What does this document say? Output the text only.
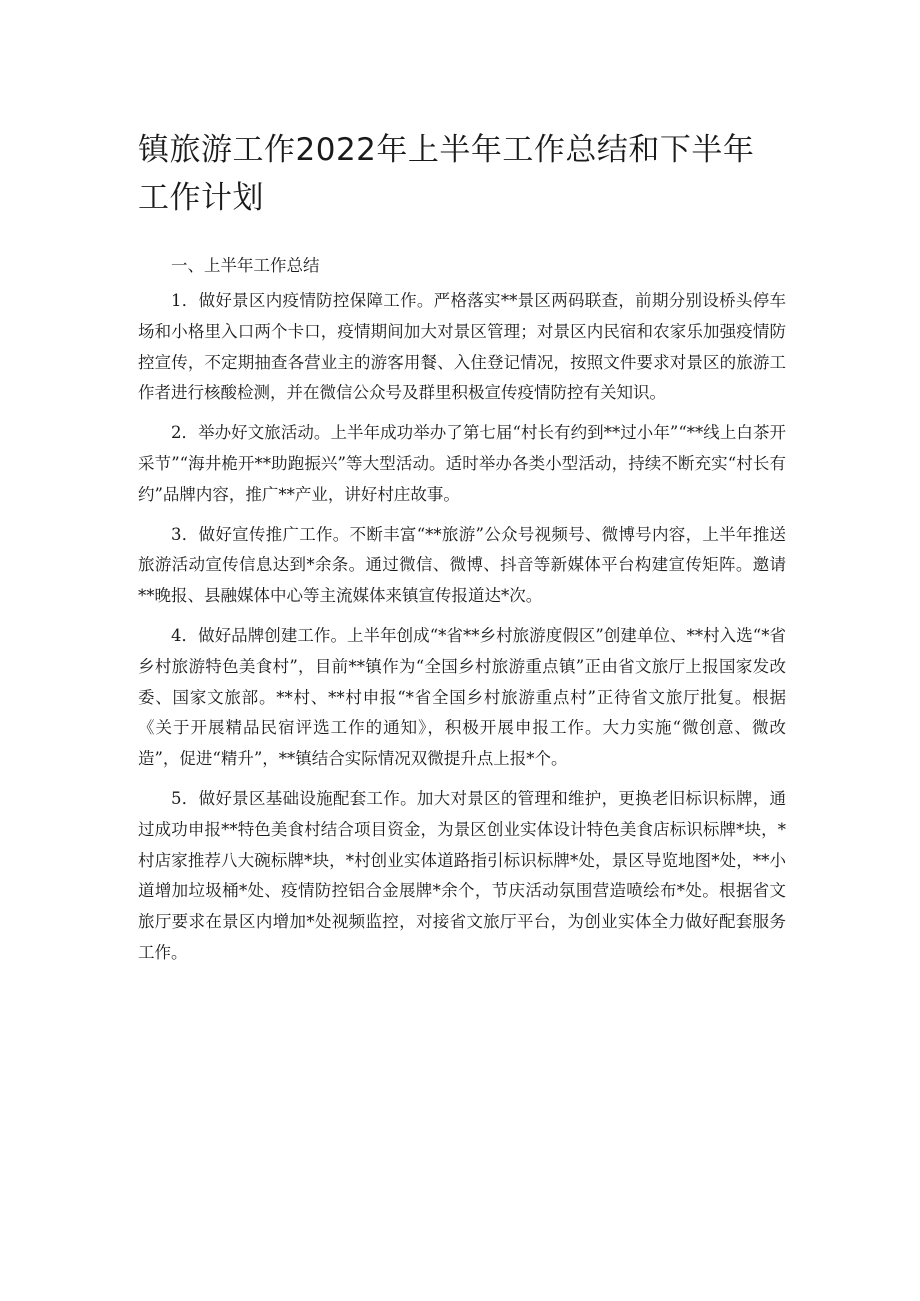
镇旅游工作2022年上半年工作总结和下半年工作计划

一、上半年工作总结

1．做好景区内疫情防控保障工作。严格落实**景区两码联查，前期分别设桥头停车场和小格里入口两个卡口，疫情期间加大对景区管理；对景区内民宿和农家乐加强疫情防控宣传，不定期抽查各营业主的游客用餐、入住登记情况，按照文件要求对景区的旅游工作者进行核酸检测，并在微信公众号及群里积极宣传疫情防控有关知识。

2．举办好文旅活动。上半年成功举办了第七届“村长有约到**过小年”“**线上白茶开采节”“海井桅开**助跑振兴”等大型活动。适时举办各类小型活动，持续不断充实“村长有约”品牌内容，推广**产业，讲好村庄故事。

3．做好宣传推广工作。不断丰富“**旅游”公众号视频号、微博号内容，上半年推送旅游活动宣传信息达到*余条。通过微信、微博、抖音等新媒体平台构建宣传矩阵。邀请**晚报、县融媒体中心等主流媒体来镇宣传报道达*次。

4．做好品牌创建工作。上半年创成“*省**乡村旅游度假区”创建单位、**村入选“*省乡村旅游特色美食村”，目前**镇作为“全国乡村旅游重点镇”正由省文旅厅上报国家发改委、国家文旅部。**村、**村申报“*省全国乡村旅游重点村”正待省文旅厅批复。根据《关于开展精品民宿评选工作的通知》，积极开展申报工作。大力实施“微创意、微改造”，促进“精升”，**镇结合实际情况双微提升点上报*个。

5．做好景区基础设施配套工作。加大对景区的管理和维护，更换老旧标识标牌，通过成功申报**特色美食村结合项目资金，为景区创业实体设计特色美食店标识标牌*块，*村店家推荐八大碗标牌*块，*村创业实体道路指引标识标牌*处，景区导览地图*处，**小道增加垃圾桶*处、疫情防控铝合金展牌*余个，节庆活动氛围营造喷绘布*处。根据省文旅厅要求在景区内增加*处视频监控，对接省文旅厅平台，为创业实体全力做好配套服务工作。
